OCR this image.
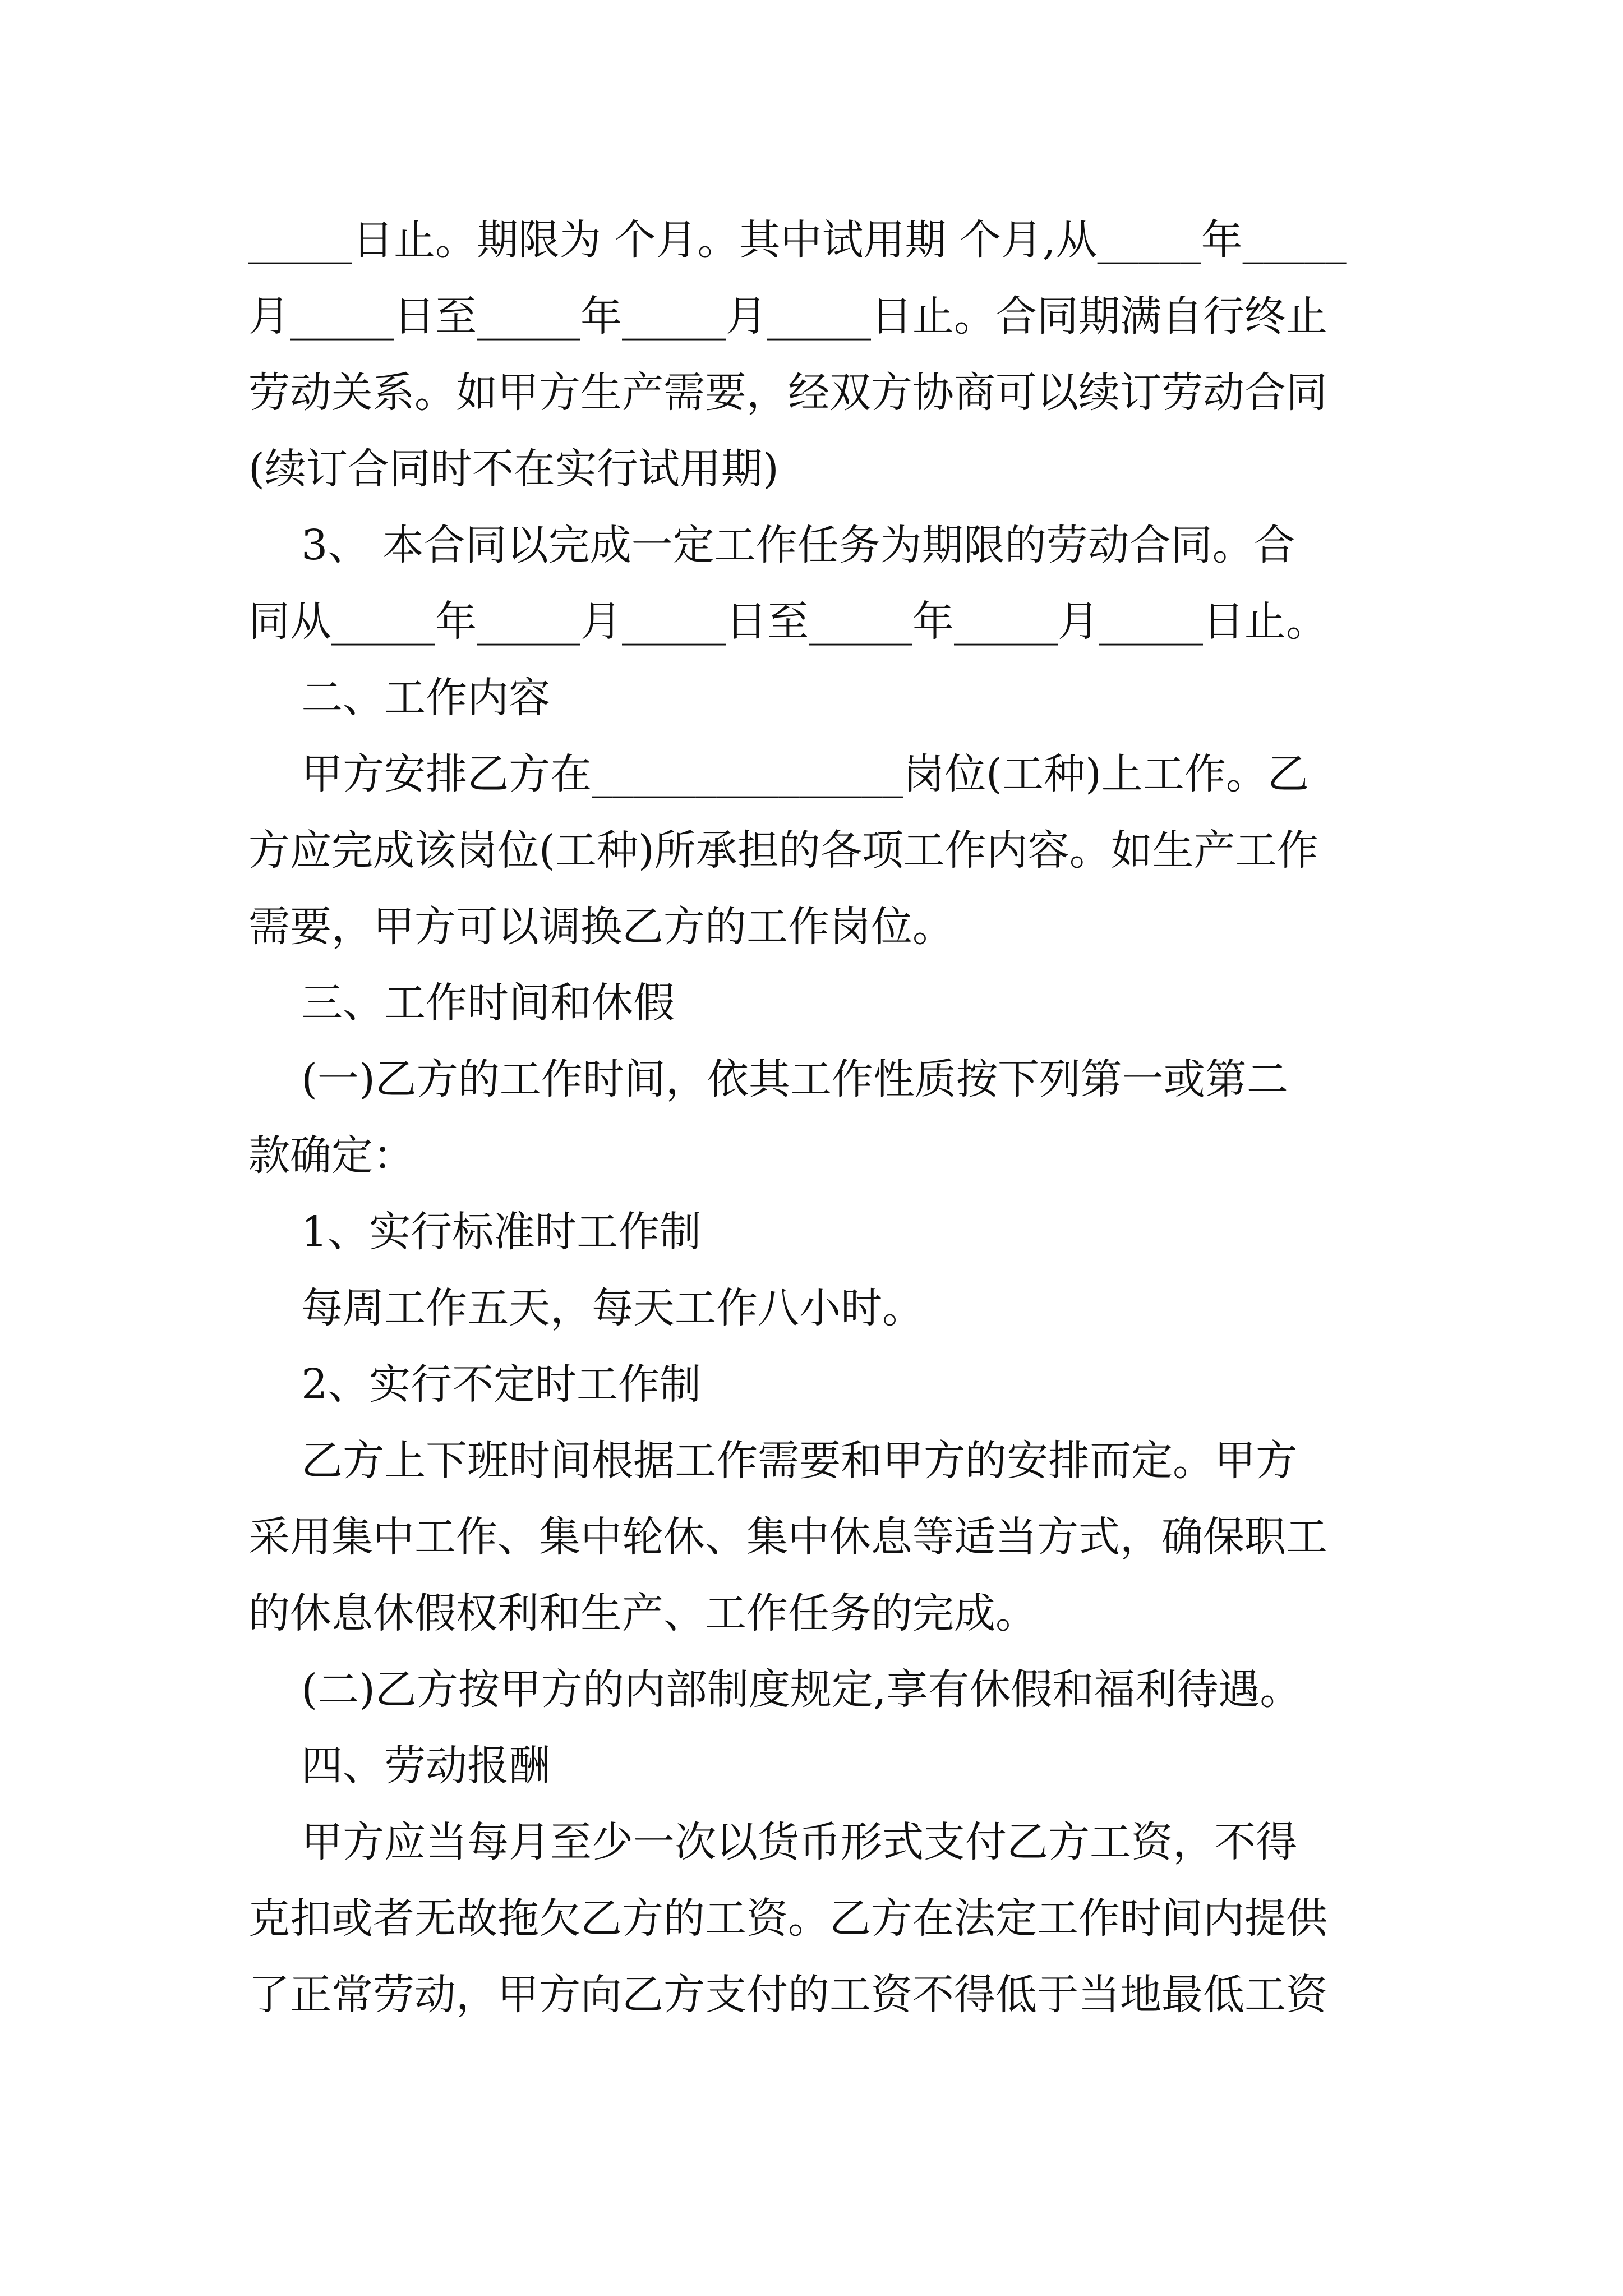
_____日止。期限为 个月。其中试用期 个月,从_____年_____
月_____日至_____年_____月_____日止。合同期满自行终止
劳动关系。如甲方生产需要，经双方协商可以续订劳动合同
(续订合同时不在实行试用期)
3、 本合同以完成一定工作任务为期限的劳动合同。合
同从_____年_____月_____日至_____年_____月_____日止。
二、工作内容
甲方安排乙方在_______________岗位(工种)上工作。乙
方应完成该岗位(工种)所承担的各项工作内容。如生产工作
需要，甲方可以调换乙方的工作岗位。
三、工作时间和休假
(一)乙方的工作时间，依其工作性质按下列第一或第二
款确定：
1、实行标准时工作制
每周工作五天，每天工作八小时。
2、实行不定时工作制
乙方上下班时间根据工作需要和甲方的安排而定。甲方
采用集中工作、集中轮休、集中休息等适当方式，确保职工
的休息休假权利和生产、工作任务的完成。
(二)乙方按甲方的内部制度规定,享有休假和福利待遇。
四、劳动报酬
甲方应当每月至少一次以货币形式支付乙方工资，不得
克扣或者无故拖欠乙方的工资。乙方在法定工作时间内提供
了正常劳动，甲方向乙方支付的工资不得低于当地最低工资
